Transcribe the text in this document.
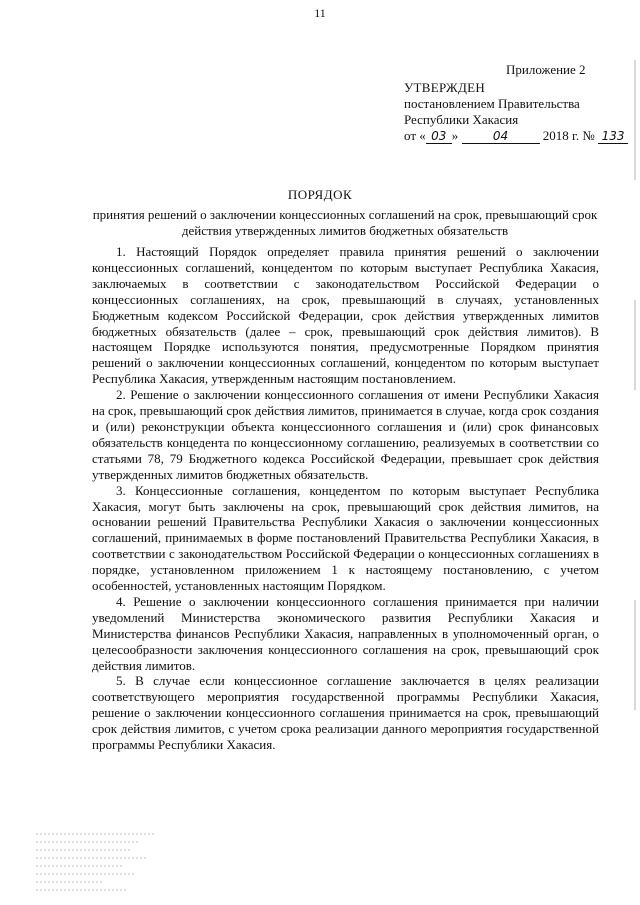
11
Приложение 2
УТВЕРЖДЕН
постановлением Правительства
Республики Хакасия
от « 03 »	04	2018 г. № 133
ПОРЯДОК
принятия решений о заключении концессионных соглашений на срок, превышающий срок действия утвержденных лимитов бюджетных обязательств

1. Настоящий Порядок определяет правила принятия решений о заключении концессионных соглашений, концедентом по которым выступает Республика Хакасия, заключаемых в соответствии с законодательством Российской Федерации о концессионных соглашениях, на срок, превышающий в случаях, установленных Бюджетным кодексом Российской Федерации, срок действия утвержденных лимитов бюджетных обязательств (далее – срок, превышающий срок действия лимитов). В настоящем Порядке используются понятия, предусмотренные Порядком принятия решений о заключении концессионных соглашений, концедентом по которым выступает Республика Хакасия, утвержденным настоящим постановлением.

2. Решение о заключении концессионного соглашения от имени Республики Хакасия на срок, превышающий срок действия лимитов, принимается в случае, когда срок создания и (или) реконструкции объекта концессионного соглашения и (или) срок финансовых обязательств концедента по концессионному соглашению, реализуемых в соответствии со статьями 78, 79 Бюджетного кодекса Российской Федерации, превышает срок действия утвержденных лимитов бюджетных обязательств.

3. Концессионные соглашения, концедентом по которым выступает Республика Хакасия, могут быть заключены на срок, превышающий срок действия лимитов, на основании решений Правительства Республики Хакасия о заключении концессионных соглашений, принимаемых в форме постановлений Правительства Республики Хакасия, в соответствии с законодательством Российской Федерации о концессионных соглашениях в порядке, установленном приложением 1 к настоящему постановлению, с учетом особенностей, установленных настоящим Порядком.

4. Решение о заключении концессионного соглашения принимается при наличии уведомлений Министерства экономического развития Республики Хакасия и Министерства финансов Республики Хакасия, направленных в уполномоченный орган, о целесообразности заключения концессионного соглашения на срок, превышающий срок действия лимитов.

5. В случае если концессионное соглашение заключается в целях реализации соответствующего мероприятия государственной программы Республики Хакасия, решение о заключении концессионного соглашения принимается на срок, превышающий срок действия лимитов, с учетом срока реализации данного мероприятия государственной программы Республики Хакасия.
